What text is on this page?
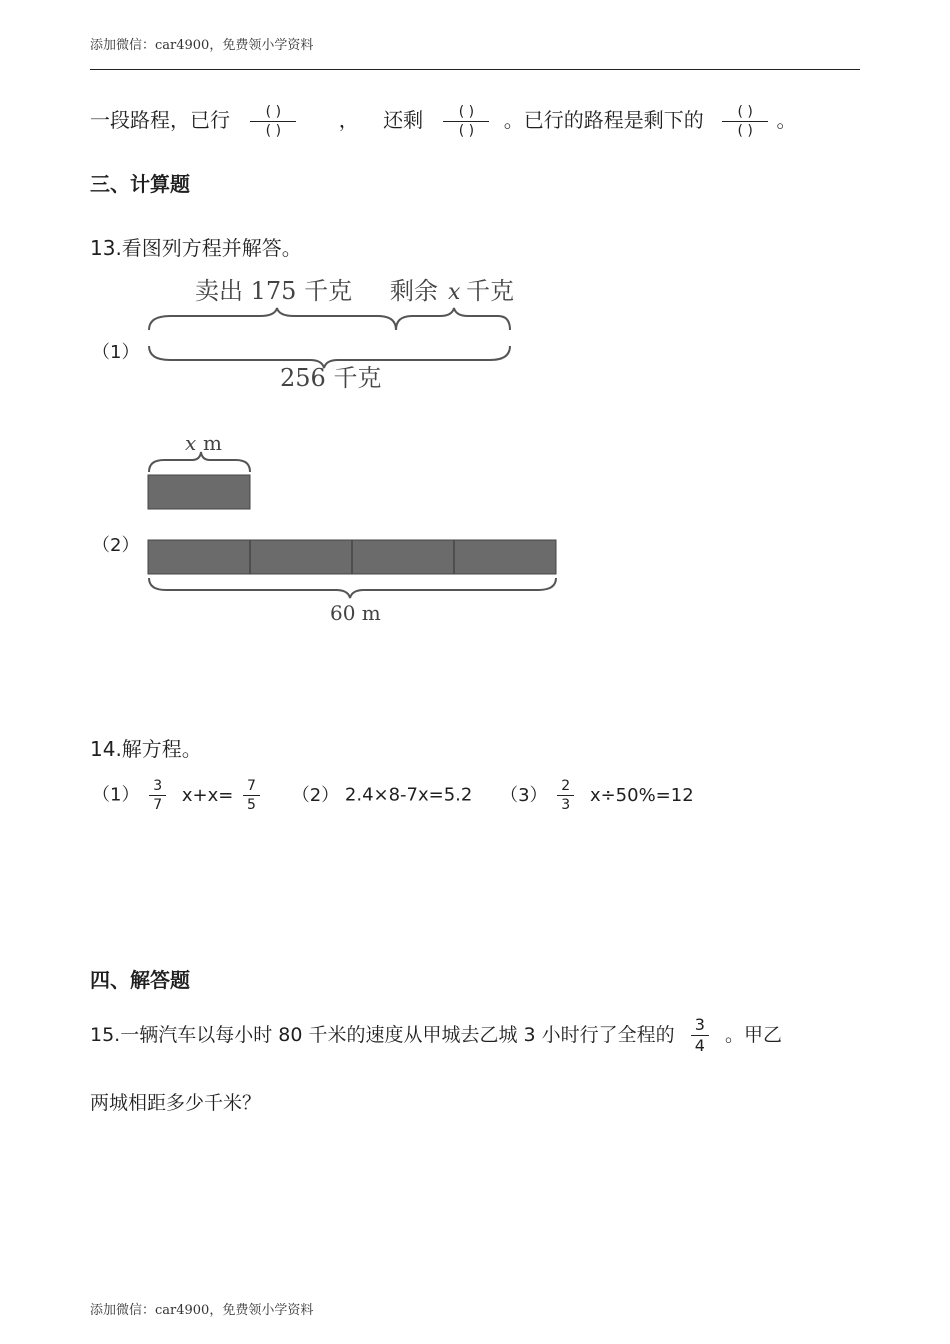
添加微信：car4900，免费领小学资料
一段路程，已行 $\frac{( )}{( )}$ ， 还剩 $\frac{( )}{( )}$ 。已行的路程是剩下的 $\frac{( )}{( )}$ 。
三、计算题
13.看图列方程并解答。
（1）
卖出 175 千克 剩余 x 千克
256 千克
（2）
x m
60 m
14.解方程。
$(1) \frac{3}{7} x+x= \frac{7}{5} (2)$ 2.4×8-7x=5.2 $(3) \frac{2}{3} x\div 50\%=12$
四、解答题
15.一辆汽车以每小时 80 千米的速度从甲城去乙城 3 小时行了全程的 $\frac{3}{4}$ 。甲乙
两城相距多少千米？
添加微信：car4900，免费领小学资料
